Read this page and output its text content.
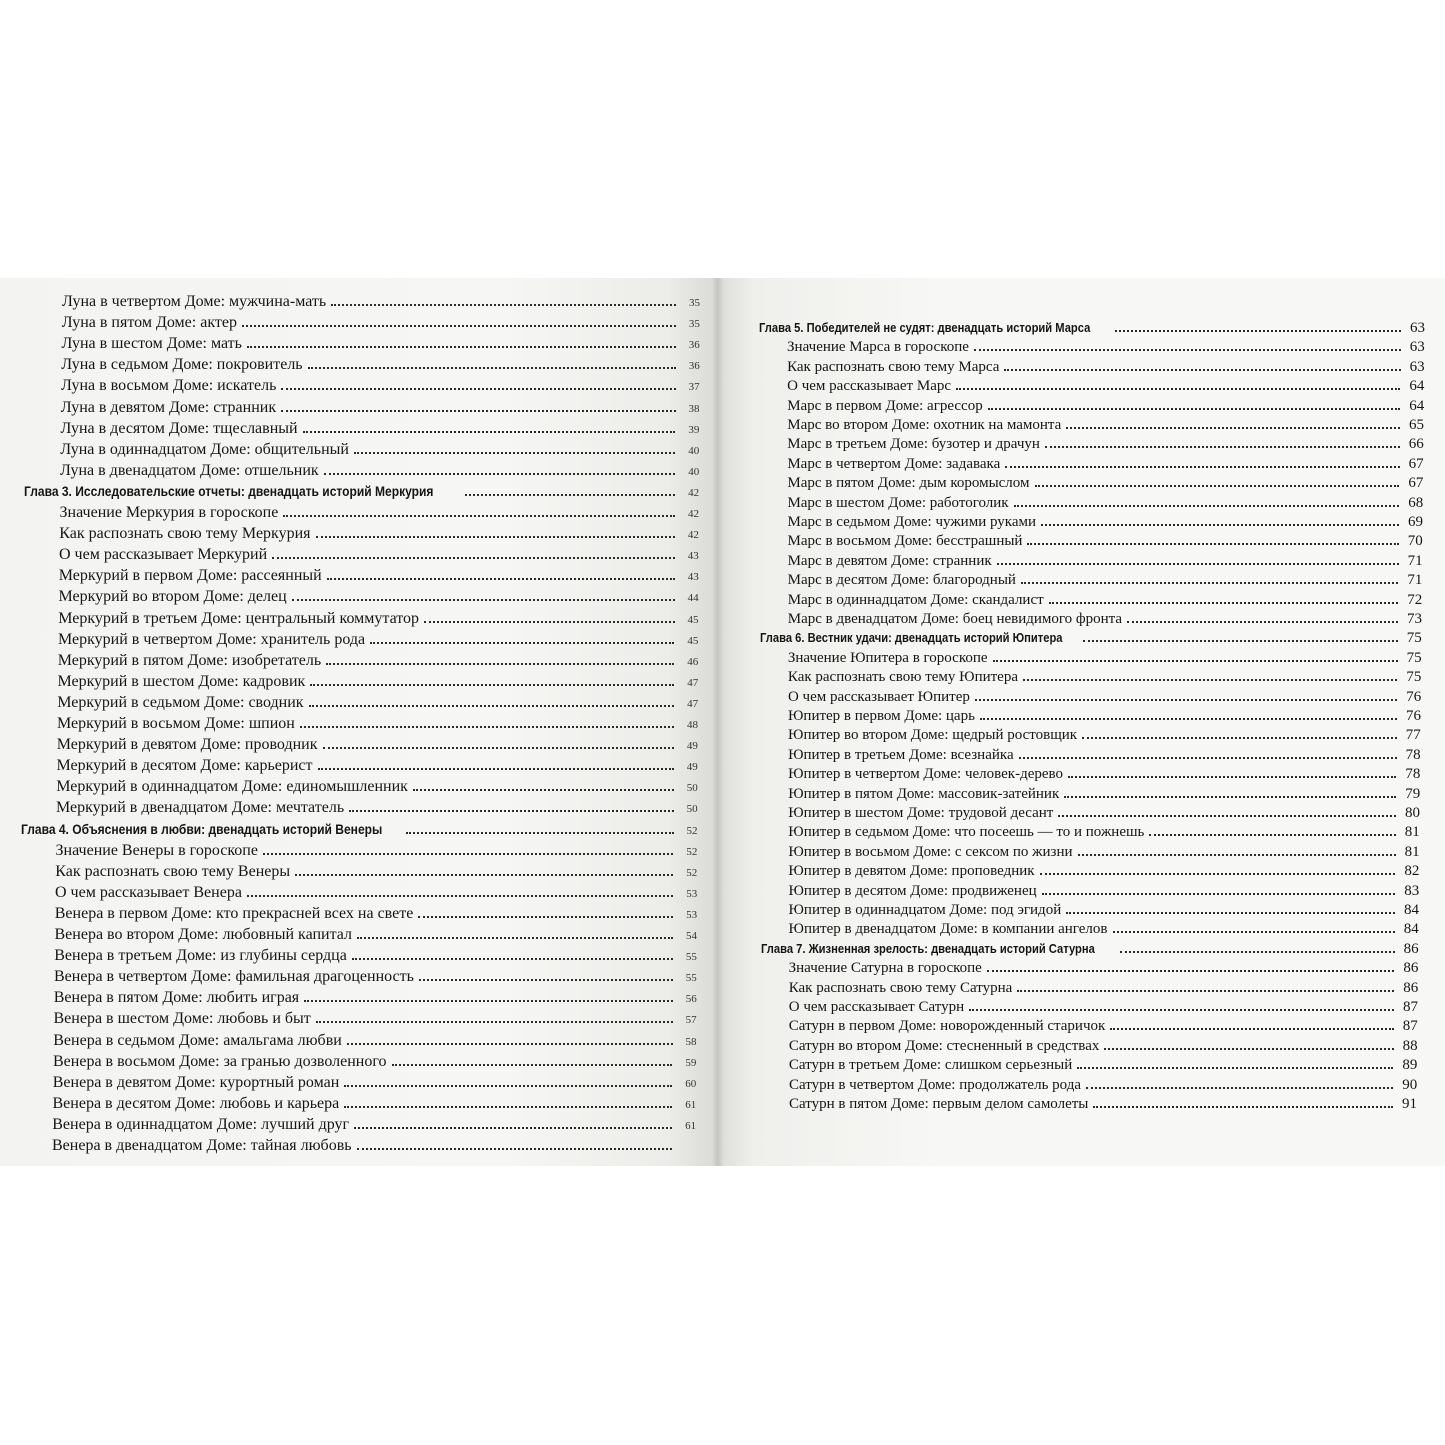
Луна в четвертом Доме: мужчина-мать	35
Луна в пятом Доме: актер	35
Луна в шестом Доме: мать	36
Луна в седьмом Доме: покровитель	36
Луна в восьмом Доме: искатель	37
Луна в девятом Доме: странник	38
Луна в десятом Доме: тщеславный	39
Луна в одиннадцатом Доме: общительный	40
Луна в двенадцатом Доме: отшельник	40
Глава 3. Исследовательские отчеты: двенадцать историй Меркурия	42
Значение Меркурия в гороскопе	42
Как распознать свою тему Меркурия	42
О чем рассказывает Меркурий	43
Меркурий в первом Доме: рассеянный	43
Меркурий во втором Доме: делец	44
Меркурий в третьем Доме: центральный коммутатор	45
Меркурий в четвертом Доме: хранитель рода	45
Меркурий в пятом Доме: изобретатель	46
Меркурий в шестом Доме: кадровик	47
Меркурий в седьмом Доме: сводник	47
Меркурий в восьмом Доме: шпион	48
Меркурий в девятом Доме: проводник	49
Меркурий в десятом Доме: карьерист	49
Меркурий в одиннадцатом Доме: единомышленник	50
Меркурий в двенадцатом Доме: мечтатель	50
Глава 4. Объяснения в любви: двенадцать историй Венеры	52
Значение Венеры в гороскопе	52
Как распознать свою тему Венеры	52
О чем рассказывает Венера	53
Венера в первом Доме: кто прекрасней всех на свете	53
Венера во втором Доме: любовный капитал	54
Венера в третьем Доме: из глубины сердца	55
Венера в четвертом Доме: фамильная драгоценность	55
Венера в пятом Доме: любить играя	56
Венера в шестом Доме: любовь и быт	57
Венера в седьмом Доме: амальгама любви	58
Венера в восьмом Доме: за гранью дозволенного	59
Венера в девятом Доме: курортный роман	60
Венера в десятом Доме: любовь и карьера	61
Венера в одиннадцатом Доме: лучший друг	61
Венера в двенадцатом Доме: тайная любовь
Глава 5. Победителей не судят: двенадцать историй Марса	63
Значение Марса в гороскопе	63
Как распознать свою тему Марса	63
О чем рассказывает Марс	64
Марс в первом Доме: агрессор	64
Марс во втором Доме: охотник на мамонта	65
Марс в третьем Доме: бузотер и драчун	66
Марс в четвертом Доме: задавака	67
Марс в пятом Доме: дым коромыслом	67
Марс в шестом Доме: работоголик	68
Марс в седьмом Доме: чужими руками	69
Марс в восьмом Доме: бесстрашный	70
Марс в девятом Доме: странник	71
Марс в десятом Доме: благородный	71
Марс в одиннадцатом Доме: скандалист	72
Марс в двенадцатом Доме: боец невидимого фронта	73
Глава 6. Вестник удачи: двенадцать историй Юпитера	75
Значение Юпитера в гороскопе	75
Как распознать свою тему Юпитера	75
О чем рассказывает Юпитер	76
Юпитер в первом Доме: царь	76
Юпитер во втором Доме: щедрый ростовщик	77
Юпитер в третьем Доме: всезнайка	78
Юпитер в четвертом Доме: человек-дерево	78
Юпитер в пятом Доме: массовик-затейник	79
Юпитер в шестом Доме: трудовой десант	80
Юпитер в седьмом Доме: что посеешь — то и пожнешь	81
Юпитер в восьмом Доме: с сексом по жизни	81
Юпитер в девятом Доме: проповедник	82
Юпитер в десятом Доме: продвиженец	83
Юпитер в одиннадцатом Доме: под эгидой	84
Юпитер в двенадцатом Доме: в компании ангелов	84
Глава 7. Жизненная зрелость: двенадцать историй Сатурна	86
Значение Сатурна в гороскопе	86
Как распознать свою тему Сатурна	86
О чем рассказывает Сатурн	87
Сатурн в первом Доме: новорожденный старичок	87
Сатурн во втором Доме: стесненный в средствах	88
Сатурн в третьем Доме: слишком серьезный	89
Сатурн в четвертом Доме: продолжатель рода	90
Сатурн в пятом Доме: первым делом самолеты	91
